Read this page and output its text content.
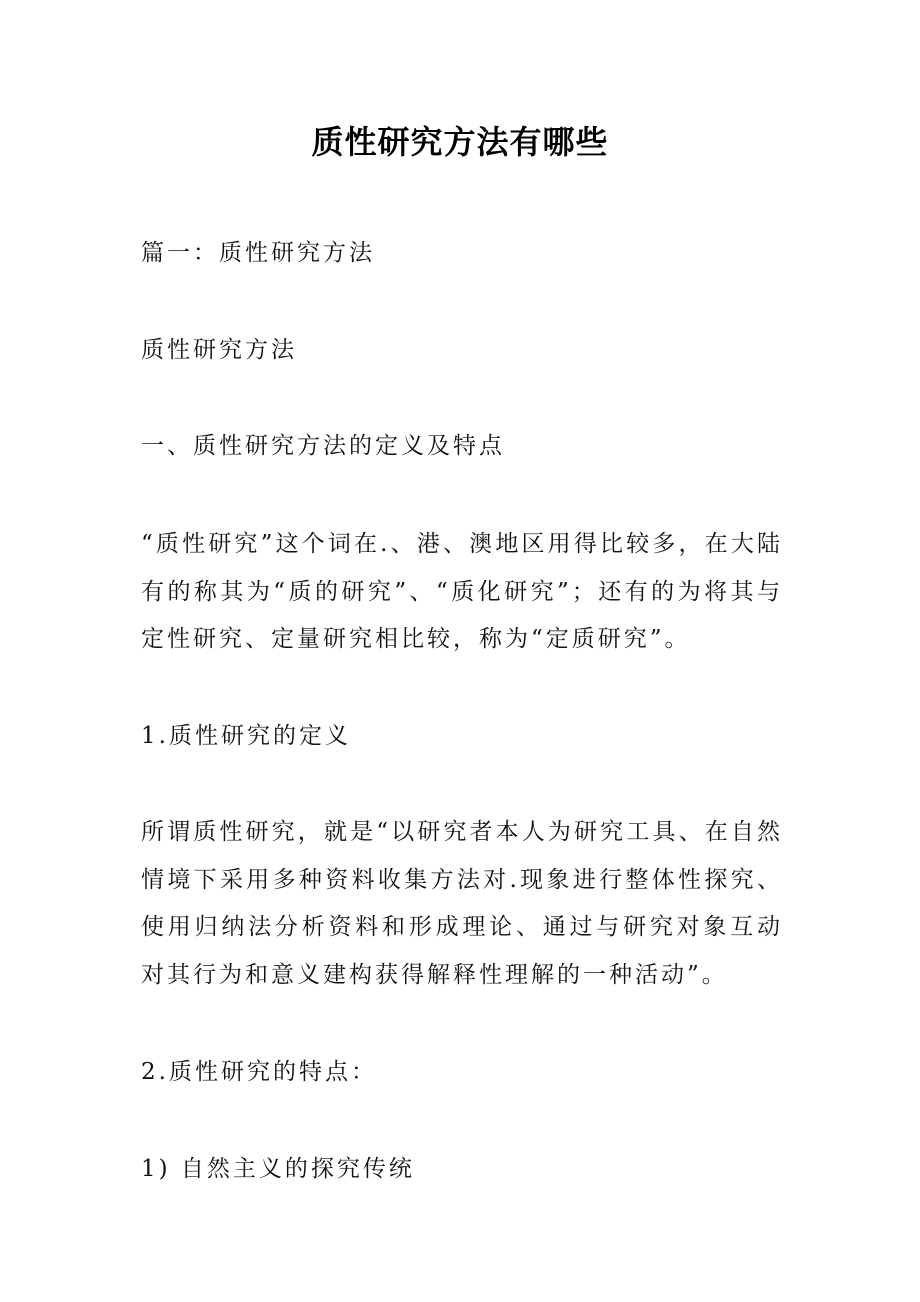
质性研究方法有哪些

篇一：质性研究方法

质性研究方法

一、质性研究方法的定义及特点

“质性研究”这个词在.、港、澳地区用得比较多，在大陆有的称其为“质的研究”、“质化研究”；还有的为将其与定性研究、定量研究相比较，称为“定质研究”。

1.质性研究的定义

所谓质性研究，就是“以研究者本人为研究工具、在自然情境下采用多种资料收集方法对.现象进行整体性探究、使用归纳法分析资料和形成理论、通过与研究对象互动对其行为和意义建构获得解释性理解的一种活动”。

2.质性研究的特点：

1) 自然主义的探究传统
